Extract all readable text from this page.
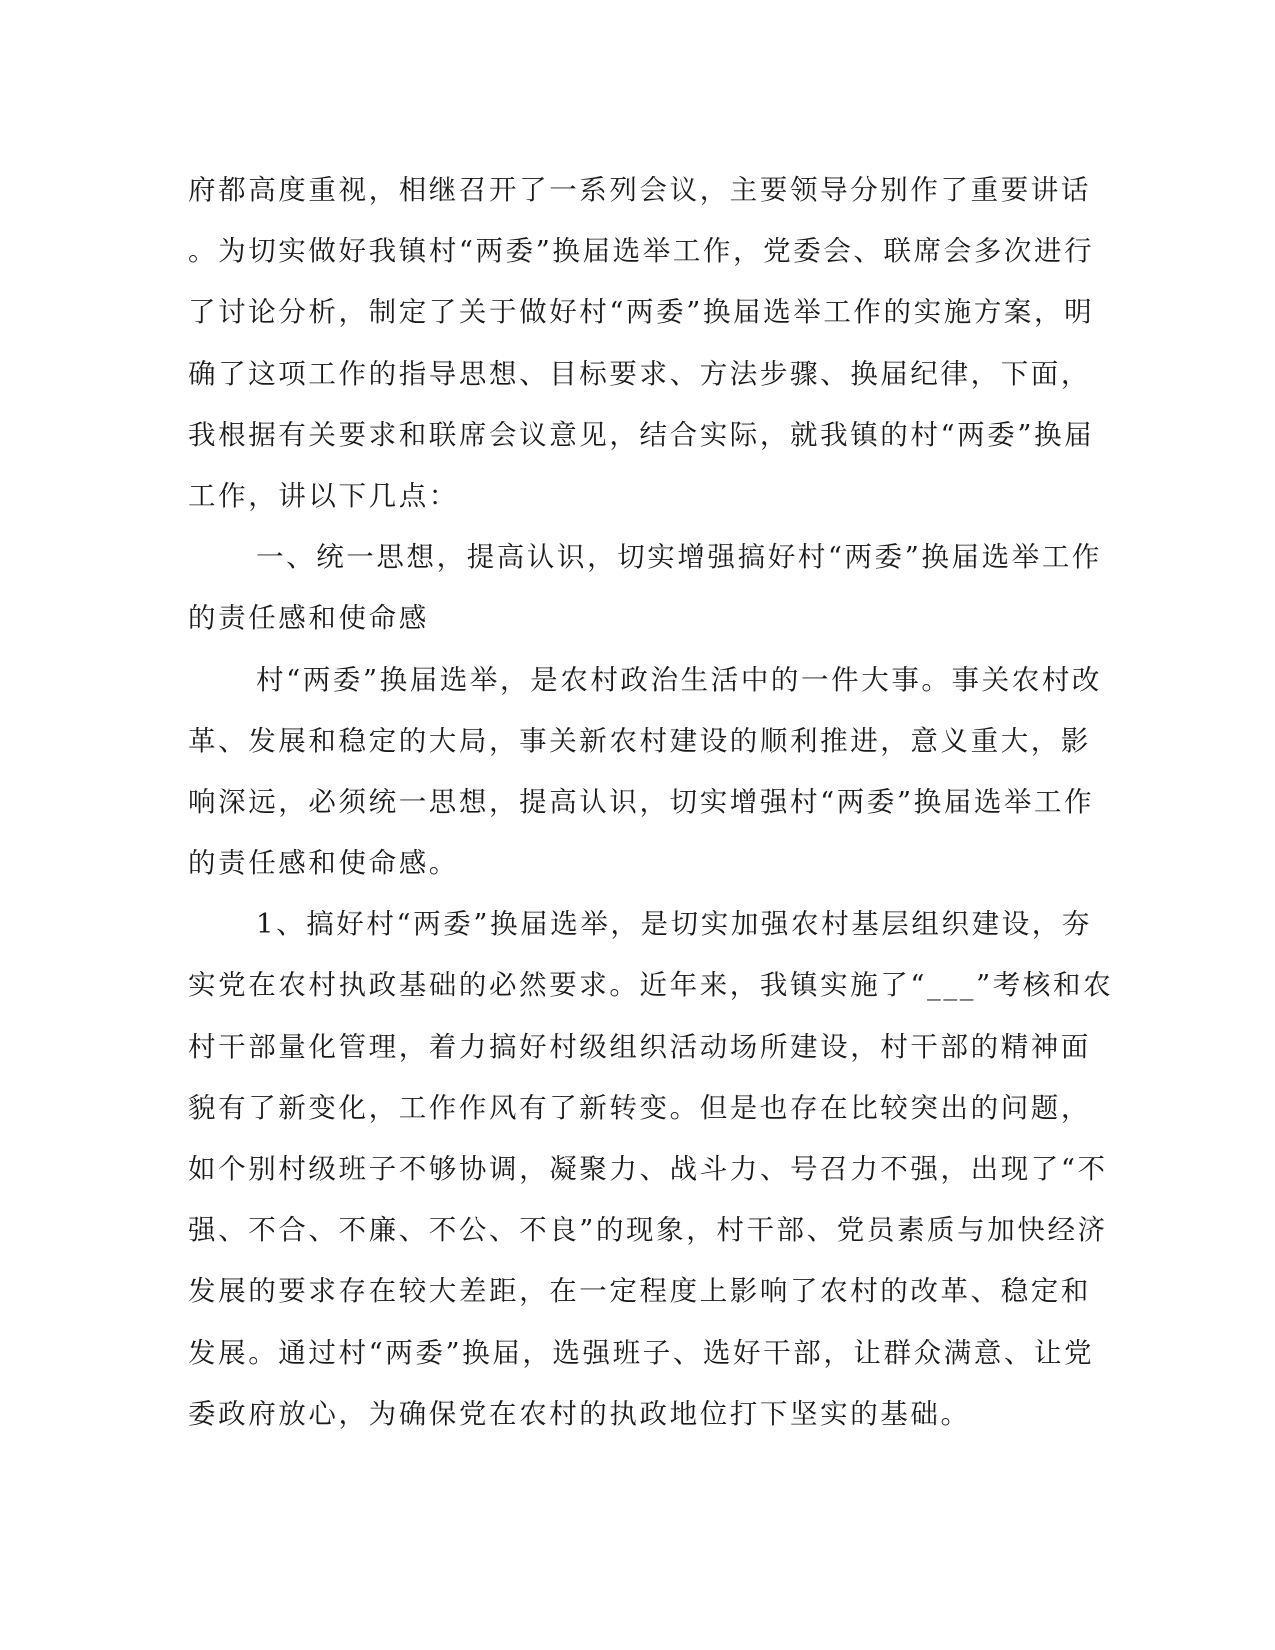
府都高度重视，相继召开了一系列会议，主要领导分别作了重要讲话
。为切实做好我镇村“两委”换届选举工作，党委会、联席会多次进行
了讨论分析，制定了关于做好村“两委”换届选举工作的实施方案，明
确了这项工作的指导思想、目标要求、方法步骤、换届纪律，下面，
我根据有关要求和联席会议意见，结合实际，就我镇的村“两委”换届
工作，讲以下几点：
一、统一思想，提高认识，切实增强搞好村“两委”换届选举工作
的责任感和使命感
村“两委”换届选举，是农村政治生活中的一件大事。事关农村改
革、发展和稳定的大局，事关新农村建设的顺利推进，意义重大，影
响深远，必须统一思想，提高认识，切实增强村“两委”换届选举工作
的责任感和使命感。
1、搞好村“两委”换届选举，是切实加强农村基层组织建设，夯
实党在农村执政基础的必然要求。近年来，我镇实施了“___”考核和农
村干部量化管理，着力搞好村级组织活动场所建设，村干部的精神面
貌有了新变化，工作作风有了新转变。但是也存在比较突出的问题，
如个别村级班子不够协调，凝聚力、战斗力、号召力不强，出现了“不
强、不合、不廉、不公、不良”的现象，村干部、党员素质与加快经济
发展的要求存在较大差距，在一定程度上影响了农村的改革、稳定和
发展。通过村“两委”换届，选强班子、选好干部，让群众满意、让党
委政府放心，为确保党在农村的执政地位打下坚实的基础。
